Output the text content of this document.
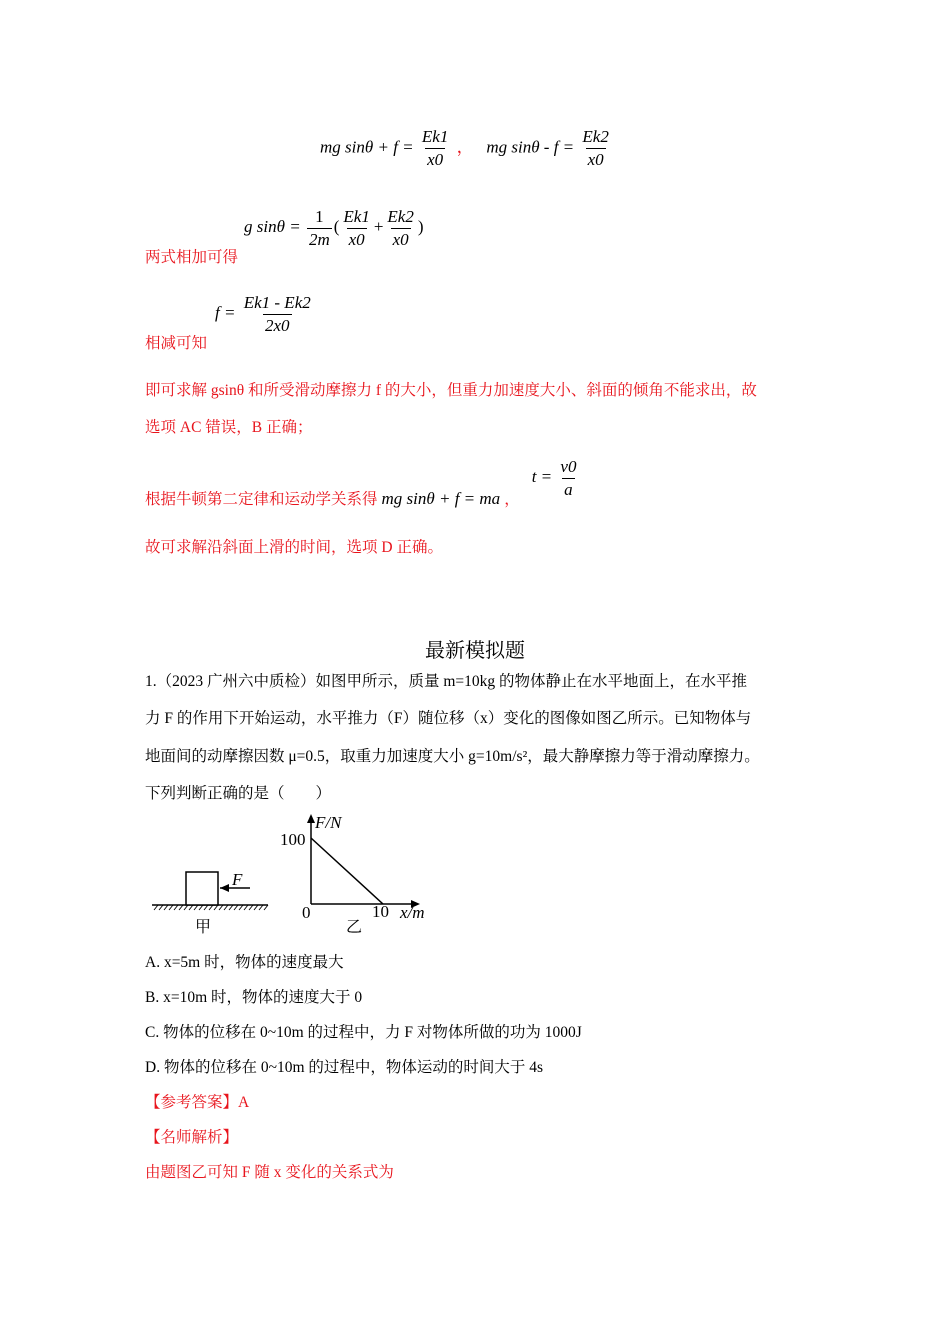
mg $\sin\theta + f = \frac{Ek1}{x0}$ ， mg $\sin\theta - f = \frac{Ek2}{x0}$
两式相加可得 g $\sin\theta = \frac{1}{2m}$ ( $\frac{Ek1}{x0} + \frac{Ek2}{x0}$ )
相减可知 $f = \frac{Ek1 - Ek2}{2x0}$
即可求解 gsinθ 和所受滑动摩擦力 f 的大小，但重力加速度大小、斜面的倾角不能求出，故
选项 AC 错误，B 正确；
根据牛顿第二定律和运动学关系得 mg sinθ + f = ma ， $t = \frac{v0}{a}$
故可求解沿斜面上滑的时间，选项 D 正确。
最新模拟题
1.（2023 广州六中质检）如图甲所示，质量 m=10kg 的物体静止在水平地面上，在水平推
力 F 的作用下开始运动，水平推力（F）随位移（x）变化的图像如图乙所示。已知物体与
地面间的动摩擦因数 μ=0.5，取重力加速度大小 g=10m/s²，最大静摩擦力等于滑动摩擦力。
下列判断正确的是（　　）
F
甲
F/N
100
0	10 x/m
乙
A. x=5m 时，物体的速度最大
B. x=10m 时，物体的速度大于 0
C. 物体的位移在 0~10m 的过程中，力 F 对物体所做的功为 1000J
D. 物体的位移在 0~10m 的过程中，物体运动的时间大于 4s
【参考答案】A
【名师解析】
由题图乙可知 F 随 x 变化的关系式为
